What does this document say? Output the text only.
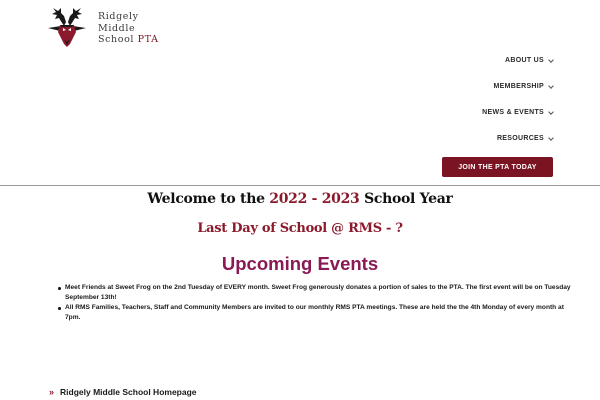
Ridgely
Middle
School PTA
ABOUT US
MEMBERSHIP
NEWS & EVENTS
RESOURCES
JOIN THE PTA TODAY
Welcome to the 2022 - 2023 School Year
Last Day of School @ RMS - ?
Upcoming Events
Meet Friends at Sweet Frog on the 2nd Tuesday of EVERY month. Sweet Frog generously donates a portion of sales to the PTA. The first event will be on Tuesday September 13th!
All RMS Families, Teachers, Staff and Community Members are invited to our monthly RMS PTA meetings. These are held the the 4th Monday of every month at 7pm.
» Ridgely Middle School Homepage
